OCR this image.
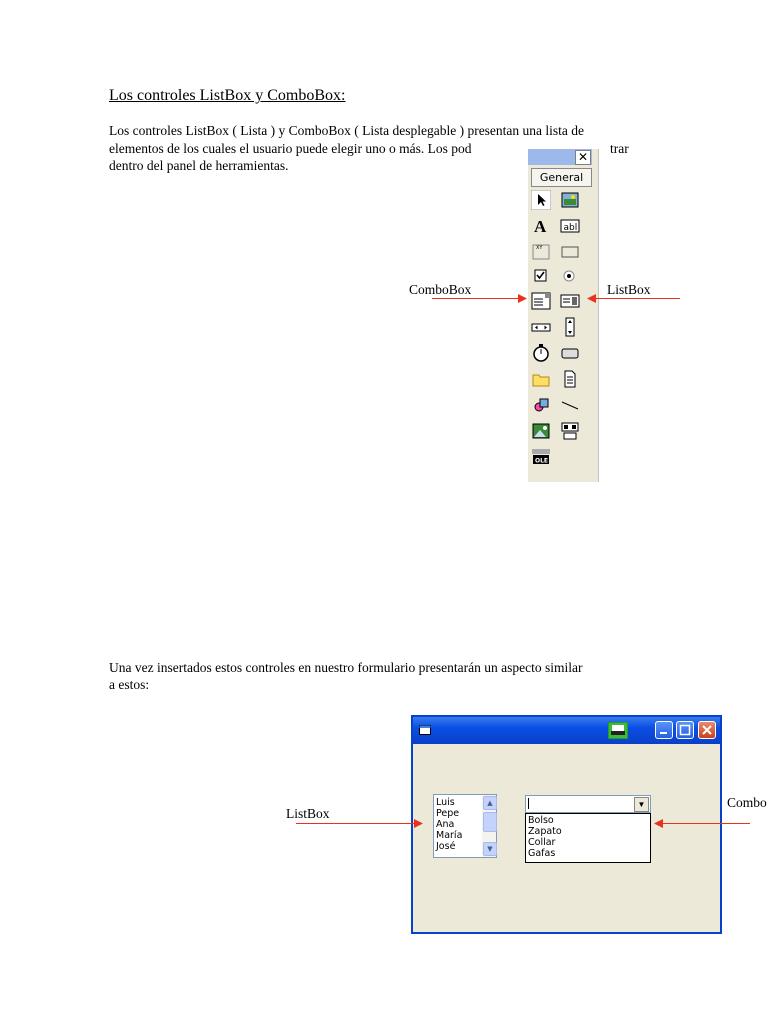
Los controles ListBox y ComboBox:
Los controles ListBox ( Lista ) y ComboBox ( Lista desplegable ) presentan una lista de
elementos de los cuales el usuario puede elegir uno o más. Los pod	trar
dentro del panel de herramientas.
✕
General
A abl
XY
OLE
ComboBox	ListBox
Una vez insertados estos controles en nuestro formulario presentarán un aspecto similar
a estos:
Luis
Pepe
Ana
María
José
▲
▼
▼
Bolso
Zapato
Collar
Gafas
ListBox
Combo
